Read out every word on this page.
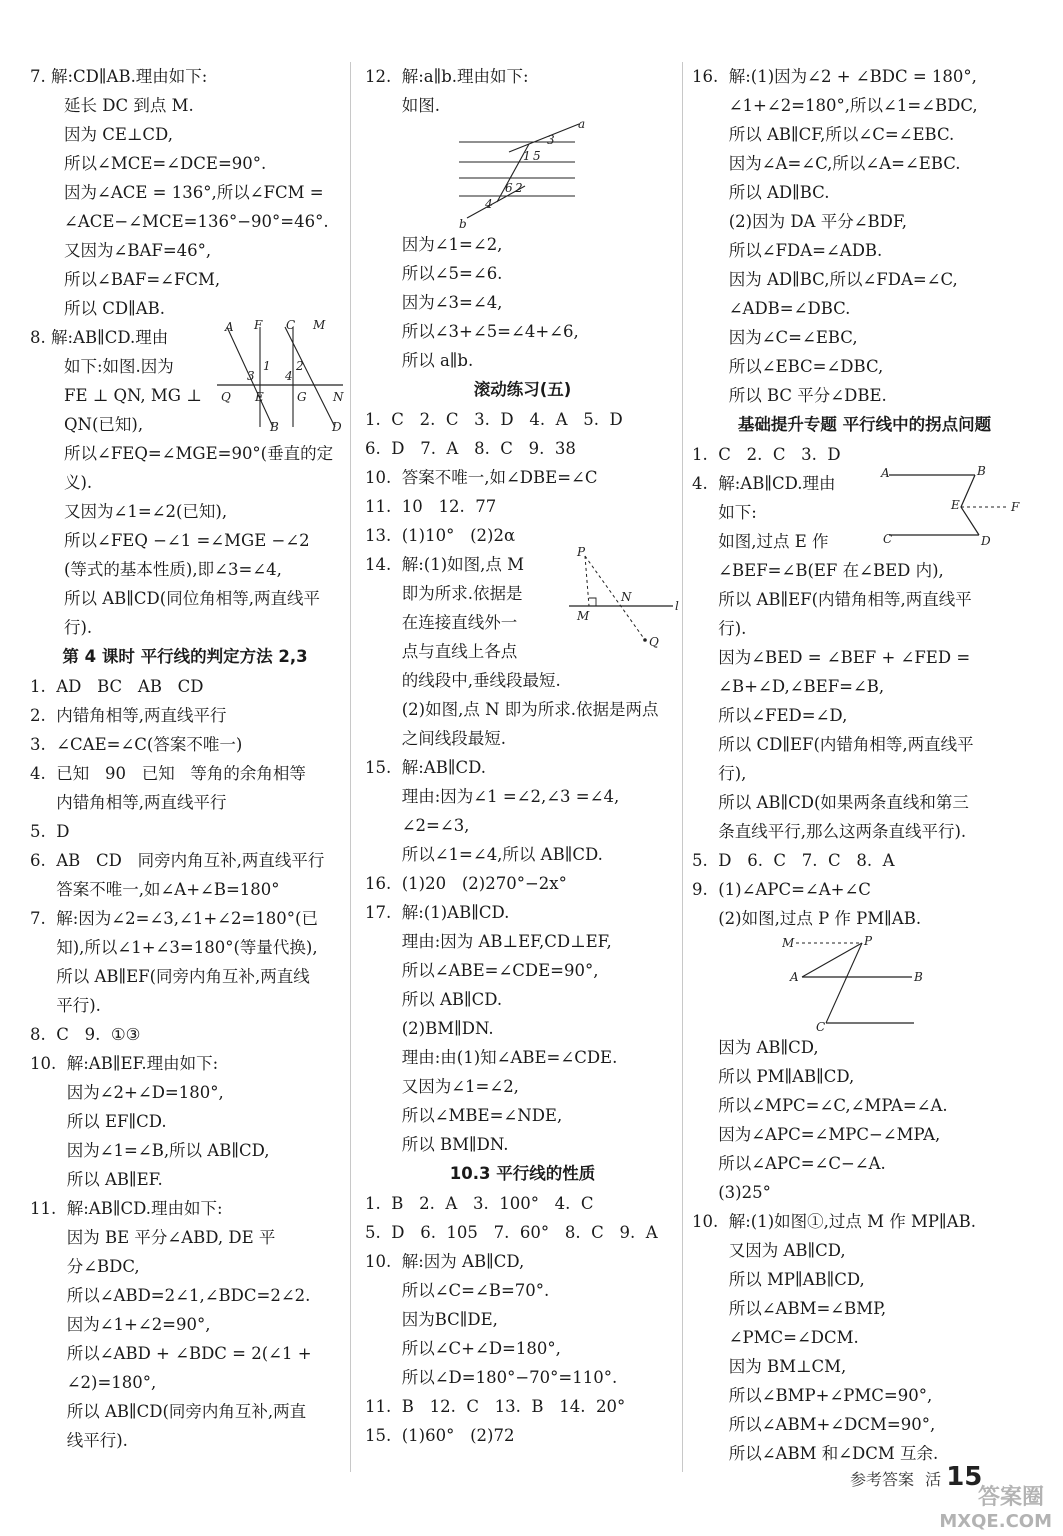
7. 解:CD∥AB.理由如下:
延长 DC 到点 M.
因为 CE⊥CD,
所以∠MCE=∠DCE=90°.
因为∠ACE = 136°,所以∠FCM =
∠ACE−∠MCE=136°−90°=46°.
又因为∠BAF=46°,
所以∠BAF=∠FCM,
所以 CD∥AB.
8. 解:AB∥CD.理由
如下:如图.因为
FE ⊥ QN, MG ⊥
QN(已知),
A F C M
3
1
4
2
Q E	G N
B	D
所以∠FEQ=∠MGE=90°(垂直的定
义).
又因为∠1=∠2(已知),
所以∠FEQ −∠1 =∠MGE −∠2
(等式的基本性质),即∠3=∠4,
所以 AB∥CD(同位角相等,两直线平
行).
第 4 课时 平行线的判定方法 2,3
1.  AD   BC   AB   CD
2.  内错角相等,两直线平行
3.  ∠CAE=∠C(答案不唯一)
4.  已知   90   已知   等角的余角相等
内错角相等,两直线平行
5.  D
6.  AB   CD   同旁内角互补,两直线平行
答案不唯一,如∠A+∠B=180°
7.  解:因为∠2=∠3,∠1+∠2=180°(已
知),所以∠1+∠3=180°(等量代换),
所以 AB∥EF(同旁内角互补,两直线
平行).
8.  C   9.  ①③
10.  解:AB∥EF.理由如下:
因为∠2+∠D=180°,
所以 EF∥CD.
因为∠1=∠B,所以 AB∥CD,
所以 AB∥EF.
11.  解:AB∥CD.理由如下:
因为 BE 平分∠ABD, DE 平
分∠BDC,
所以∠ABD=2∠1,∠BDC=2∠2.
因为∠1+∠2=90°,
所以∠ABD + ∠BDC = 2(∠1 +
∠2)=180°,
所以 AB∥CD(同旁内角互补,两直
线平行).
12.  解:a∥b.理由如下:
如图.
a
3
1 5
6 2
4
b
因为∠1=∠2,
所以∠5=∠6.
因为∠3=∠4,
所以∠3+∠5=∠4+∠6,
所以 a∥b.
滚动练习(五)
1.  C   2.  C   3.  D   4.  A   5.  D
6.  D   7.  A   8.  C   9.  38
10.  答案不唯一,如∠DBE=∠C
11.  10   12.  77
13.  (1)10°   (2)2α
14.  解:(1)如图,点 M
即为所求.依据是
在连接直线外一
点与直线上各点
的线段中,垂线段最短.
P
N
l
M
Q
(2)如图,点 N 即为所求.依据是两点
之间线段最短.
15.  解:AB∥CD.
理由:因为∠1 =∠2,∠3 =∠4,
∠2=∠3,
所以∠1=∠4,所以 AB∥CD.
16.  (1)20   (2)270°−2x°
17.  解:(1)AB∥CD.
理由:因为 AB⊥EF,CD⊥EF,
所以∠ABE=∠CDE=90°,
所以 AB∥CD.
(2)BM∥DN.
理由:由(1)知∠ABE=∠CDE.
又因为∠1=∠2,
所以∠MBE=∠NDE,
所以 BM∥DN.
10.3 平行线的性质
1.  B   2.  A   3.  100°   4.  C
5.  D   6.  105   7.  60°   8.  C   9.  A
10.  解:因为 AB∥CD,
所以∠C=∠B=70°.
因为BC∥DE,
所以∠C+∠D=180°,
所以∠D=180°−70°=110°.
11.  B   12.  C   13.  B   14.  20°
15.  (1)60°   (2)72
16.  解:(1)因为∠2 + ∠BDC = 180°,
∠1+∠2=180°,所以∠1=∠BDC,
所以 AB∥CF,所以∠C=∠EBC.
因为∠A=∠C,所以∠A=∠EBC.
所以 AD∥BC.
(2)因为 DA 平分∠BDF,
所以∠FDA=∠ADB.
因为 AD∥BC,所以∠FDA=∠C,
∠ADB=∠DBC.
因为∠C=∠EBC,
所以∠EBC=∠DBC,
所以 BC 平分∠DBE.
基础提升专题 平行线中的拐点问题
1.  C   2.  C   3.  D
4.  解:AB∥CD.理由
如下:
如图,过点 E 作
∠BEF=∠B(EF 在∠BED 内),
A	B
E	F
C	D
所以 AB∥EF(内错角相等,两直线平
行).
因为∠BED = ∠BEF + ∠FED =
∠B+∠D,∠BEF=∠B,
所以∠FED=∠D,
所以 CD∥EF(内错角相等,两直线平
行),
所以 AB∥CD(如果两条直线和第三
条直线平行,那么这两条直线平行).
5.  D   6.  C   7.  C   8.  A
9.  (1)∠APC=∠A+∠C
(2)如图,过点 P 作 PM∥AB.
M	P
A	B
C
因为 AB∥CD,
所以 PM∥AB∥CD,
所以∠MPC=∠C,∠MPA=∠A.
因为∠APC=∠MPC−∠MPA,
所以∠APC=∠C−∠A.
(3)25°
10.  解:(1)如图①,过点 M 作 MP∥AB.
又因为 AB∥CD,
所以 MP∥AB∥CD,
所以∠ABM=∠BMP,
∠PMC=∠DCM.
因为 BM⊥CM,
所以∠BMP+∠PMC=90°,
所以∠ABM+∠DCM=90°,
所以∠ABM 和∠DCM 互余.
参考答案 活 15
答案圈
MXQE.COM
